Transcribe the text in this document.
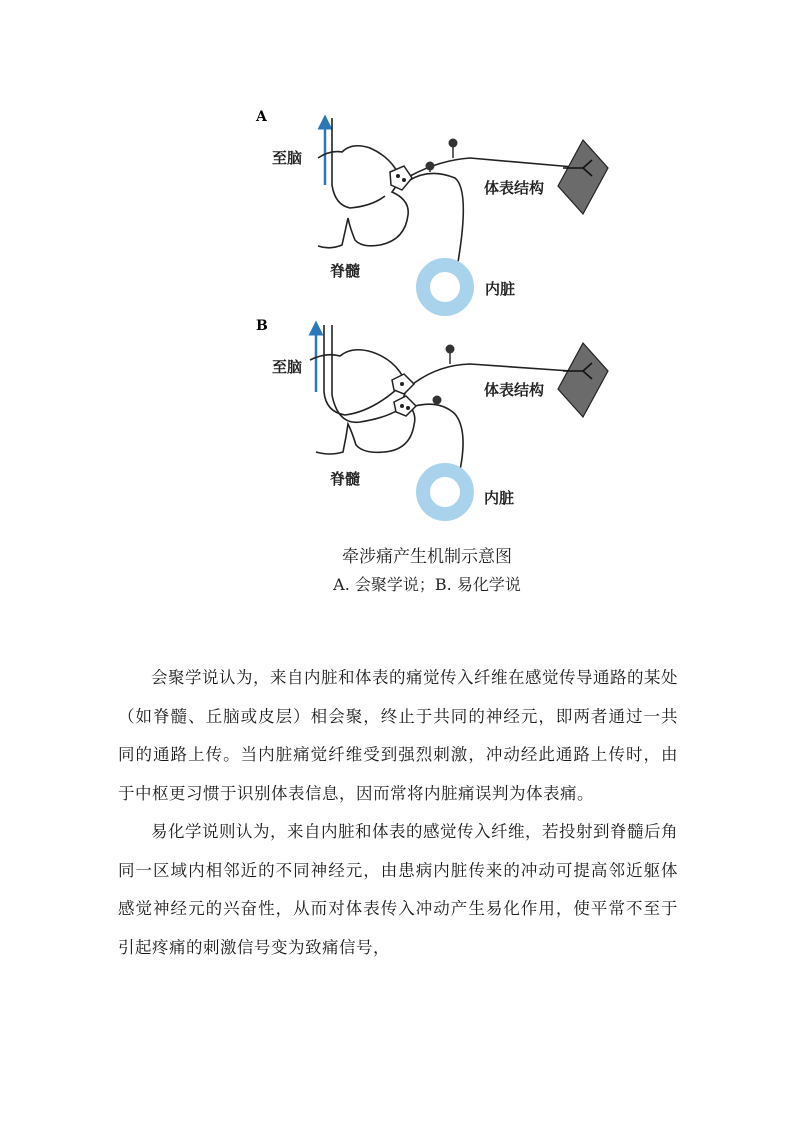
A
至脑
脊髓
体表结构
内脏
B
至脑
脊髓
体表结构
内脏
牵涉痛产生机制示意图
A. 会聚学说；B. 易化学说

会聚学说认为，来自内脏和体表的痛觉传入纤维在感觉传导通路的某处（如脊髓、丘脑或皮层）相会聚，终止于共同的神经元，即两者通过一共同的通路上传。当内脏痛觉纤维受到强烈刺激，冲动经此通路上传时，由于中枢更习惯于识别体表信息，因而常将内脏痛误判为体表痛。

易化学说则认为，来自内脏和体表的感觉传入纤维，若投射到脊髓后角同一区域内相邻近的不同神经元，由患病内脏传来的冲动可提高邻近躯体感觉神经元的兴奋性，从而对体表传入冲动产生易化作用，使平常不至于引起疼痛的刺激信号变为致痛信号，
